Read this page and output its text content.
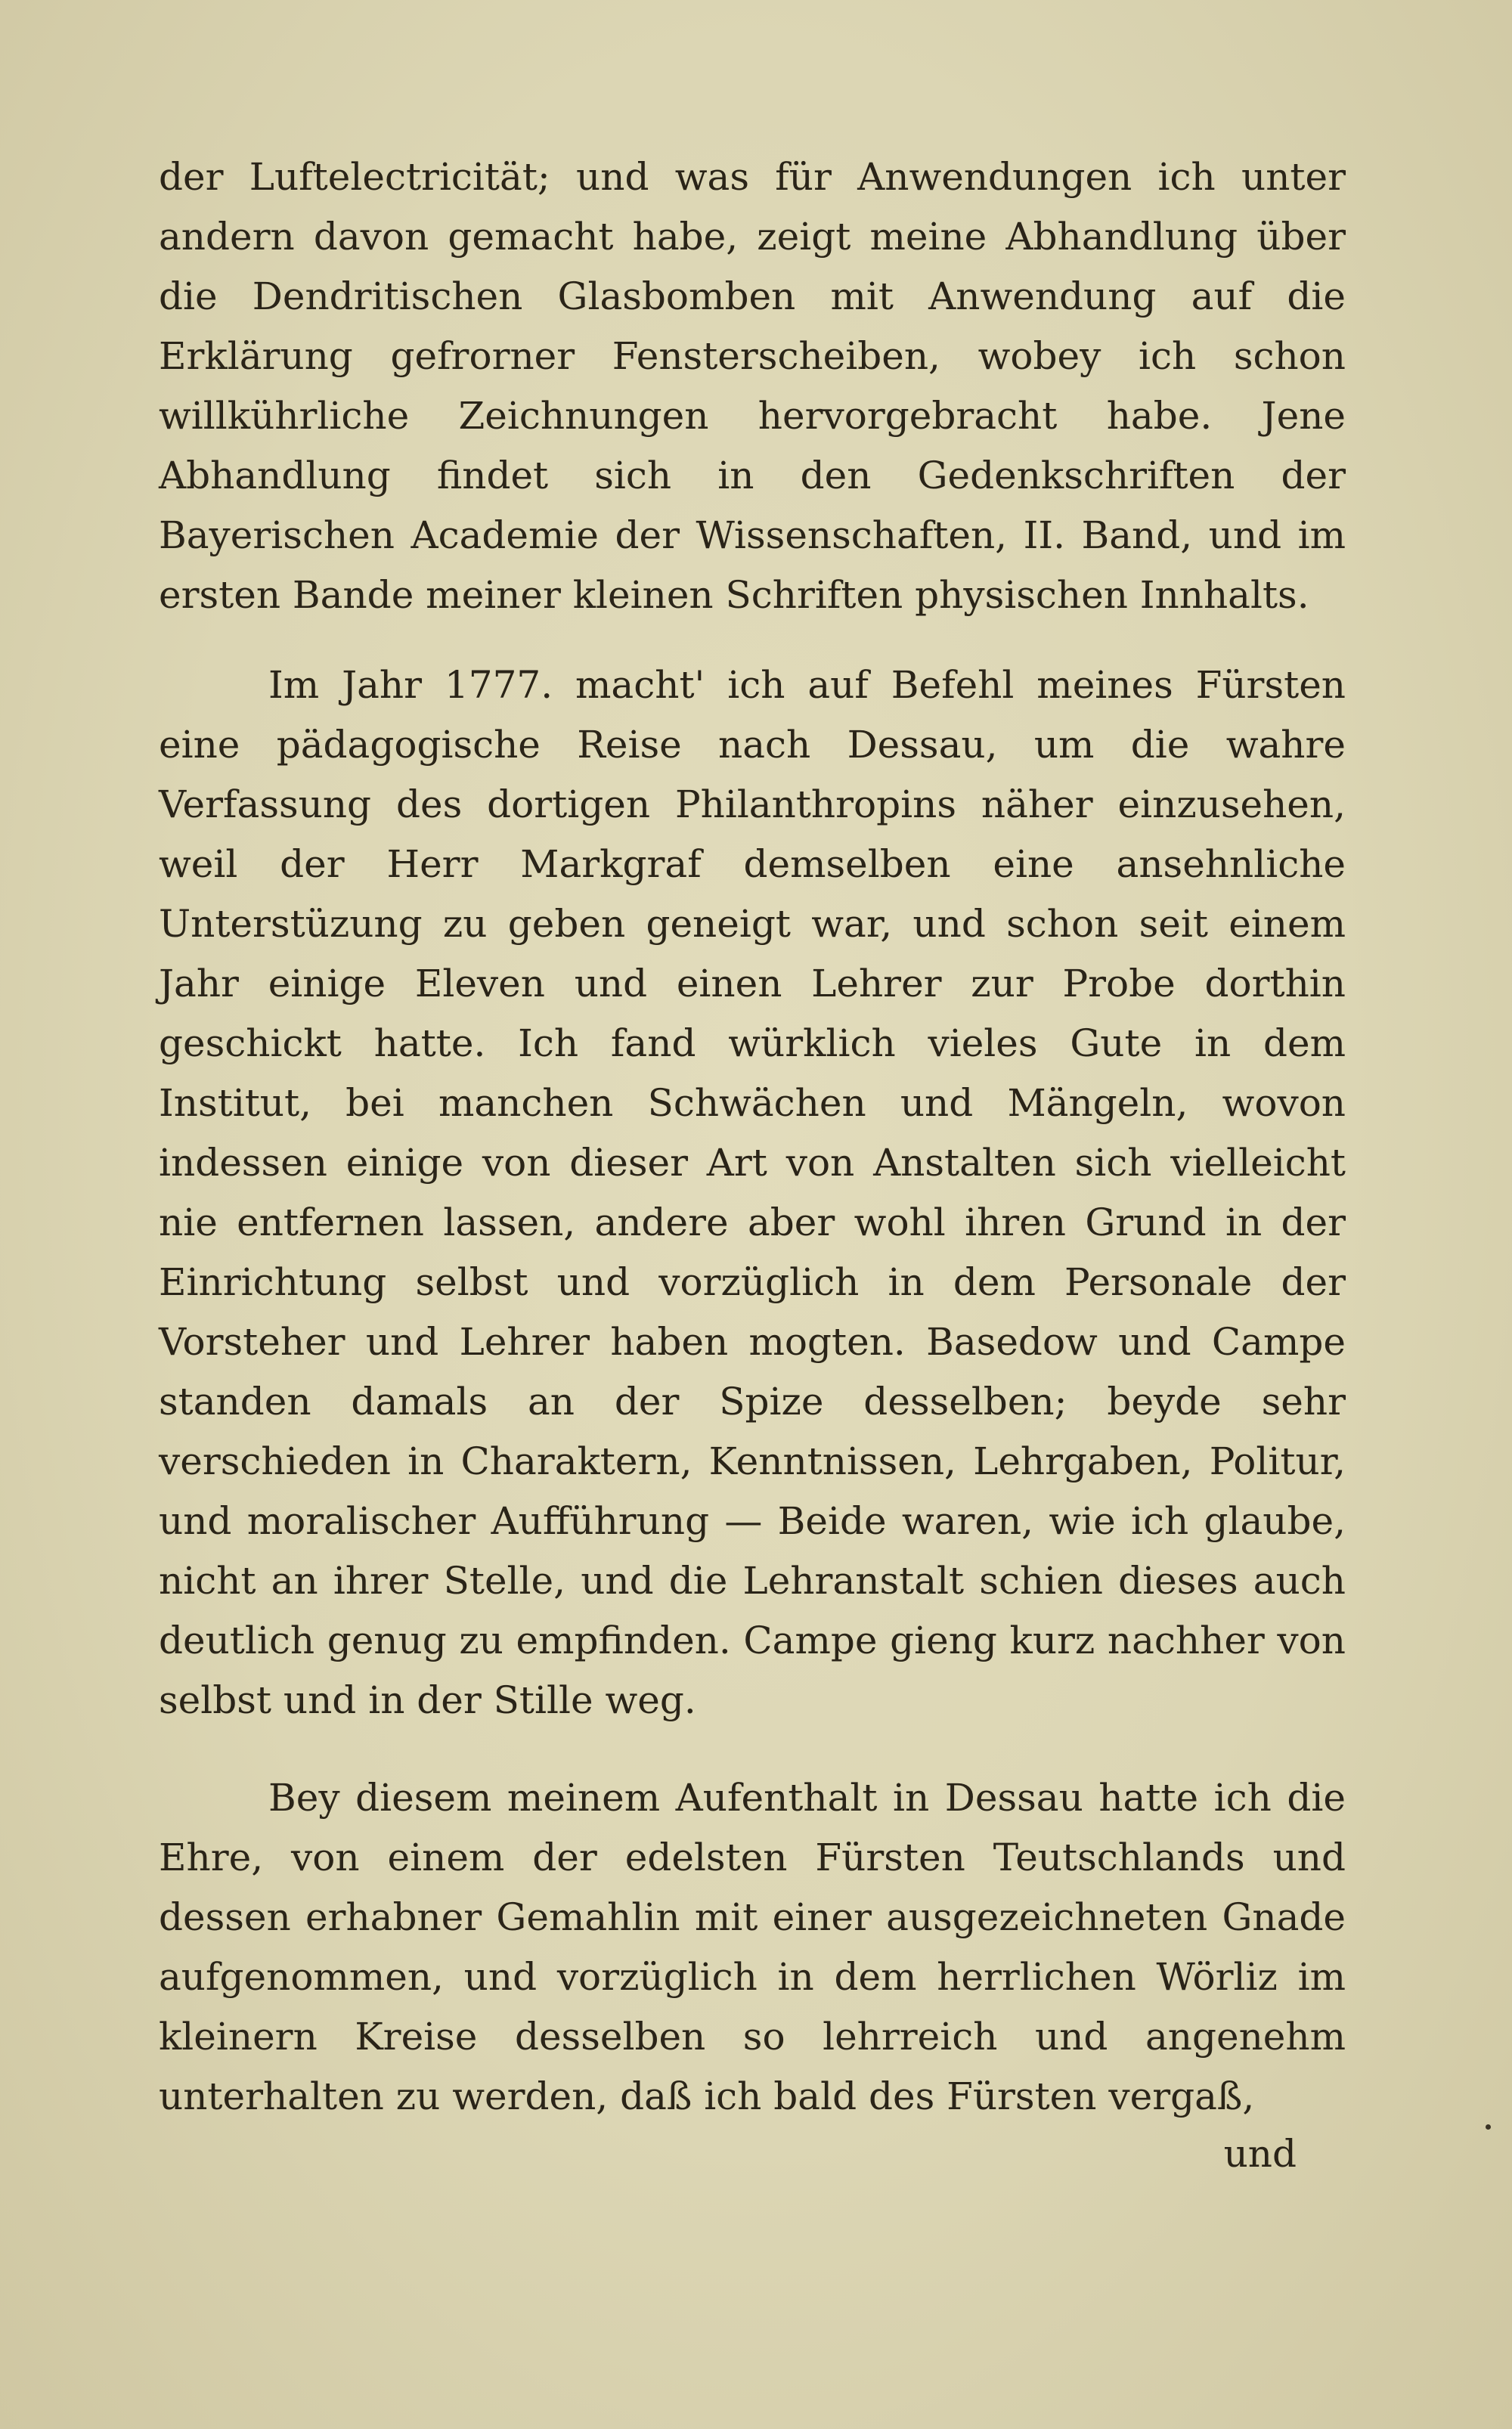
der Luftelectricität; und was für Anwendungen ich unter andern davon gemacht habe, zeigt meine Abhandlung über die Dendritischen Glasbomben mit Anwendung auf die Erklärung gefrorner Fensterscheiben, wobey ich schon willkührliche Zeichnungen hervorgebracht habe. Jene Abhandlung findet sich in den Gedenkschriften der Bayerischen Academie der Wissenschaften, II. Band, und im ersten Bande meiner kleinen Schriften physischen Innhalts.

Im Jahr 1777. macht' ich auf Befehl meines Fürsten eine pädagogische Reise nach Dessau, um die wahre Verfassung des dortigen Philanthropins näher einzusehen, weil der Herr Markgraf demselben eine ansehnliche Unterstüzung zu geben geneigt war, und schon seit einem Jahr einige Eleven und einen Lehrer zur Probe dorthin geschickt hatte. Ich fand würklich vieles Gute in dem Institut, bei manchen Schwächen und Mängeln, wovon indessen einige von dieser Art von Anstalten sich vielleicht nie entfernen lassen, andere aber wohl ihren Grund in der Einrichtung selbst und vorzüglich in dem Personale der Vorsteher und Lehrer haben mogten. Basedow und Campe standen damals an der Spize desselben; beyde sehr verschieden in Charaktern, Kenntnissen, Lehrgaben, Politur, und moralischer Aufführung — Beide waren, wie ich glaube, nicht an ihrer Stelle, und die Lehranstalt schien dieses auch deutlich genug zu empfinden. Campe gieng kurz nachher von selbst und in der Stille weg.

Bey diesem meinem Aufenthalt in Dessau hatte ich die Ehre, von einem der edelsten Fürsten Teutschlands und dessen erhabner Gemahlin mit einer ausgezeichneten Gnade aufgenommen, und vorzüglich in dem herrlichen Wörliz im kleinern Kreise desselben so lehrreich und angenehm unterhalten zu werden, daß ich bald des Fürsten vergaß,

und
